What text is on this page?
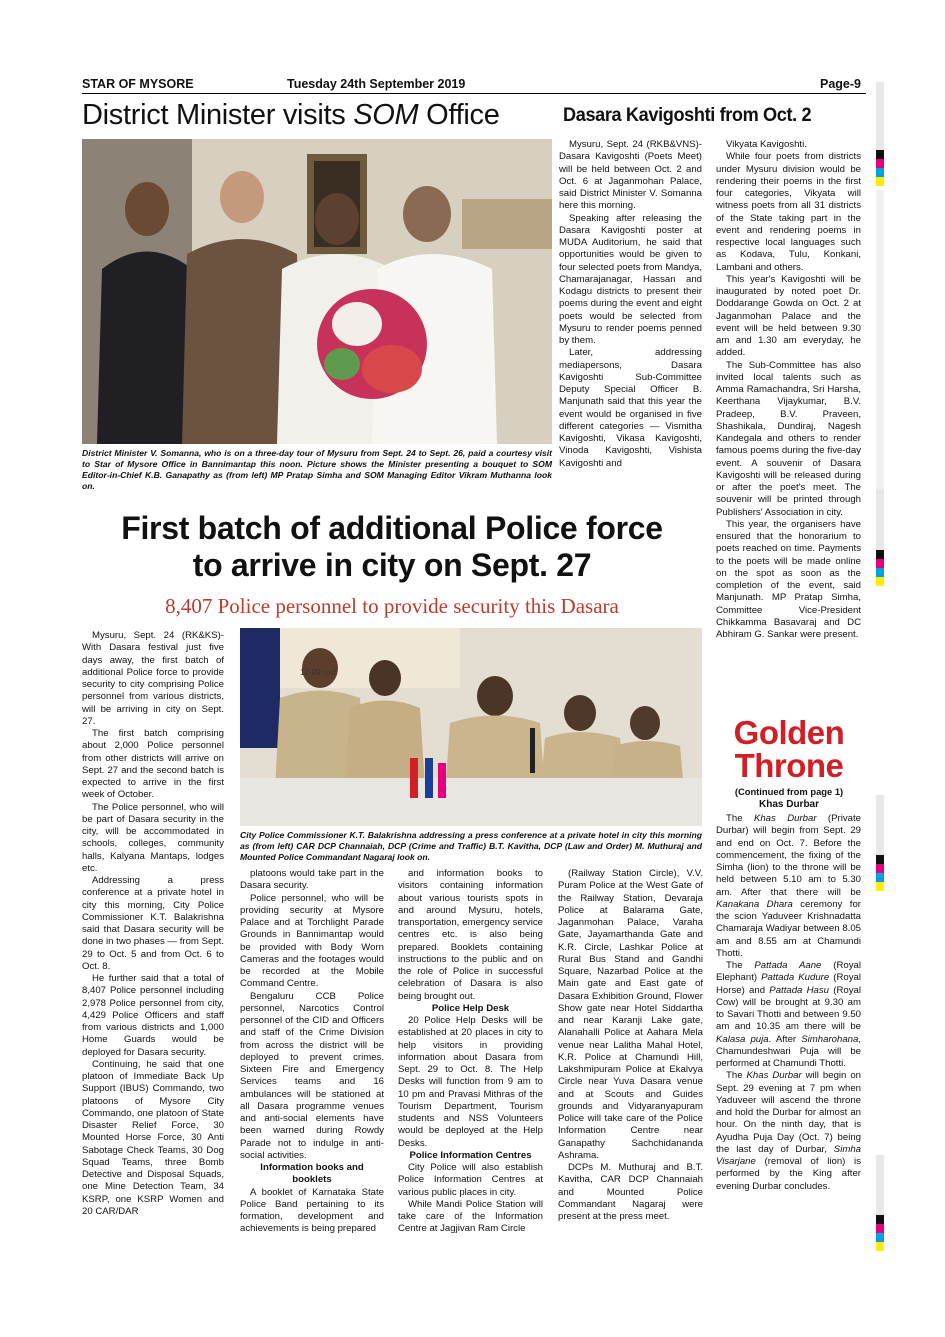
STAR OF MYSORE	Tuesday 24th September 2019	Page-9
District Minister visits SOM Office
District Minister V. Somanna, who is on a three-day tour of Mysuru from Sept. 24 to Sept. 26, paid a courtesy visit to Star of Mysore Office in Bannimantap this noon. Picture shows the Minister presenting a bouquet to SOM Editor-in-Chief K.B. Ganapathy as (from left) MP Pratap Simha and SOM Managing Editor Vikram Muthanna look on.
Dasara Kavigoshti from Oct. 2

Mysuru, Sept. 24 (RKB&VNS)- Dasara Kavigoshti (Poets Meet) will be held between Oct. 2 and Oct. 6 at Jaganmohan Palace, said District Minister V. Somanna here this morning.

Speaking after releasing the Dasara Kavigoshti poster at MUDA Auditorium, he said that opportunities would be given to four selected poets from Mandya, Chamarajanagar, Hassan and Kodagu districts to present their poems during the event and eight poets would be selected from Mysuru to render poems penned by them.

Later, addressing mediapersons, Dasara Kavigoshti Sub-Committee Deputy Special Officer B. Manjunath said that this year the event would be organised in five different categories — Vismitha Kavigoshti, Vikasa Kavigoshti, Vinoda Kavigoshti, Vishista Kavigoshti and

Vikyata Kavigoshti.

While four poets from districts under Mysuru division would be rendering their poems in the first four categories, Vikyata will witness poets from all 31 districts of the State taking part in the event and rendering poems in respective local languages such as Kodava, Tulu, Konkani, Lambani and others.

This year's Kavigoshti will be inaugurated by noted poet Dr. Doddarange Gowda on Oct. 2 at Jaganmohan Palace and the event will be held between 9.30 am and 1.30 am everyday, he added.

The Sub-Committee has also invited local talents such as Amma Ramachandra, Sri Harsha, Keerthana Vijaykumar, B.V. Pradeep, B.V. Praveen, Shashikala, Dundiraj, Nagesh Kandegala and others to render famous poems during the five-day event. A souvenir of Dasara Kavigoshti will be released during or after the poet's meet. The souvenir will be printed through Publishers' Association in city.

This year, the organisers have ensured that the honorarium to poets reached on time. Payments to the poets will be made online on the spot as soon as the completion of the event, said Manjunath. MP Pratap Simha, Committee Vice-President Chikkamma Basavaraj and DC Abhiram G. Sankar were present.

First batch of additional Police force
to arrive in city on Sept. 27
8,407 Police personnel to provide security this Dasara
12-09 ಗಂಟೆ
City Police Commissioner K.T. Balakrishna addressing a press conference at a private hotel in city this morning as (from left) CAR DCP Channaiah, DCP (Crime and Traffic) B.T. Kavitha, DCP (Law and Order) M. Muthuraj and Mounted Police Commandant Nagaraj look on.

Mysuru, Sept. 24 (RK&KS)- With Dasara festival just five days away, the first batch of additional Police force to provide security to city comprising Police personnel from various districts, will be arriving in city on Sept. 27.

The first batch comprising about 2,000 Police personnel from other districts will arrive on Sept. 27 and the second batch is expected to arrive in the first week of October.

The Police personnel, who will be part of Dasara security in the city, will be accommodated in schools, colleges, community halls, Kalyana Mantaps, lodges etc.

Addressing a press conference at a private hotel in city this morning, City Police Commissioner K.T. Balakrishna said that Dasara security will be done in two phases — from Sept. 29 to Oct. 5 and from Oct. 6 to Oct. 8.

He further said that a total of 8,407 Police personnel including 2,978 Police personnel from city, 4,429 Police Officers and staff from various districts and 1,000 Home Guards would be deployed for Dasara security.

Continuing, he said that one platoon of Immediate Back Up Support (IBUS) Commando, two platoons of Mysore City Commando, one platoon of State Disaster Relief Force, 30 Mounted Horse Force, 30 Anti Sabotage Check Teams, 30 Dog Squad Teams, three Bomb Detective and Disposal Squads, one Mine Detection Team, 34 KSRP, one KSRP Women and 20 CAR/DAR

platoons would take part in the Dasara security.

Police personnel, who will be providing security at Mysore Palace and at Torchlight Parade Grounds in Bannimantap would be provided with Body Worn Cameras and the footages would be recorded at the Mobile Command Centre.

Bengaluru CCB Police personnel, Narcotics Control personnel of the CID and Officers and staff of the Crime Division from across the district will be deployed to prevent crimes. Sixteen Fire and Emergency Services teams and 16 ambulances will be stationed at all Dasara programme venues and anti-social elements have been warned during Rowdy Parade not to indulge in anti-social activities.

Information books and booklets

A booklet of Karnataka State Police Band pertaining to its formation, development and achievements is being prepared

and information books to visitors containing information about various tourists spots in and around Mysuru, hotels, transportation, emergency service centres etc. is also being prepared. Booklets containing instructions to the public and on the role of Police in successful celebration of Dasara is also being brought out.

Police Help Desk

20 Police Help Desks will be established at 20 places in city to help visitors in providing information about Dasara from Sept. 29 to Oct. 8. The Help Desks will function from 9 am to 10 pm and Pravasi Mithras of the Tourism Department, Tourism students and NSS Volunteers would be deployed at the Help Desks.

Police Information Centres

City Police will also establish Police Information Centres at various public places in city.

While Mandi Police Station will take care of the Information Centre at Jagjivan Ram Circle

(Railway Station Circle), V.V. Puram Police at the West Gate of the Railway Station, Devaraja Police at Balarama Gate, Jaganmohan Palace, Varaha Gate, Jayamarthanda Gate and K.R. Circle, Lashkar Police at Rural Bus Stand and Gandhi Square, Nazarbad Police at the Main gate and East gate of Dasara Exhibition Ground, Flower Show gate near Hotel Siddartha and near Karanji Lake gate, Alanahalli Police at Aahara Mela venue near Lalitha Mahal Hotel, K.R. Police at Chamundi Hill, Lakshmipuram Police at Ekalvya Circle near Yuva Dasara venue and at Scouts and Guides grounds and Vidyaranyapuram Police will take care of the Police Information Centre near Ganapathy Sachchidananda Ashrama.

DCPs M. Muthuraj and B.T. Kavitha, CAR DCP Channaiah and Mounted Police Commandant Nagaraj were present at the press meet.

Golden
Throne
(Continued from page 1)
Khas Durbar

The Khas Durbar (Private Durbar) will begin from Sept. 29 and end on Oct. 7. Before the commencement, the fixing of the Simha (lion) to the throne will be held between 5.10 am to 5.30 am. After that there will be Kanakana Dhara ceremony for the scion Yaduveer Krishnadatta Chamaraja Wadiyar between 8.05 am and 8.55 am at Chamundi Thotti.

The Pattada Aane (Royal Elephant) Pattada Kudure (Royal Horse) and Pattada Hasu (Royal Cow) will be brought at 9.30 am to Savari Thotti and between 9.50 am and 10.35 am there will be Kalasa puja. After Simharohana, Chamundeshwari Puja will be performed at Chamundi Thotti.

The Khas Durbar will begin on Sept. 29 evening at 7 pm when Yaduveer will ascend the throne and hold the Durbar for almost an hour. On the ninth day, that is Ayudha Puja Day (Oct. 7) being the last day of Durbar, Simha Visarjane (removal of lion) is performed by the King after evening Durbar concludes.
